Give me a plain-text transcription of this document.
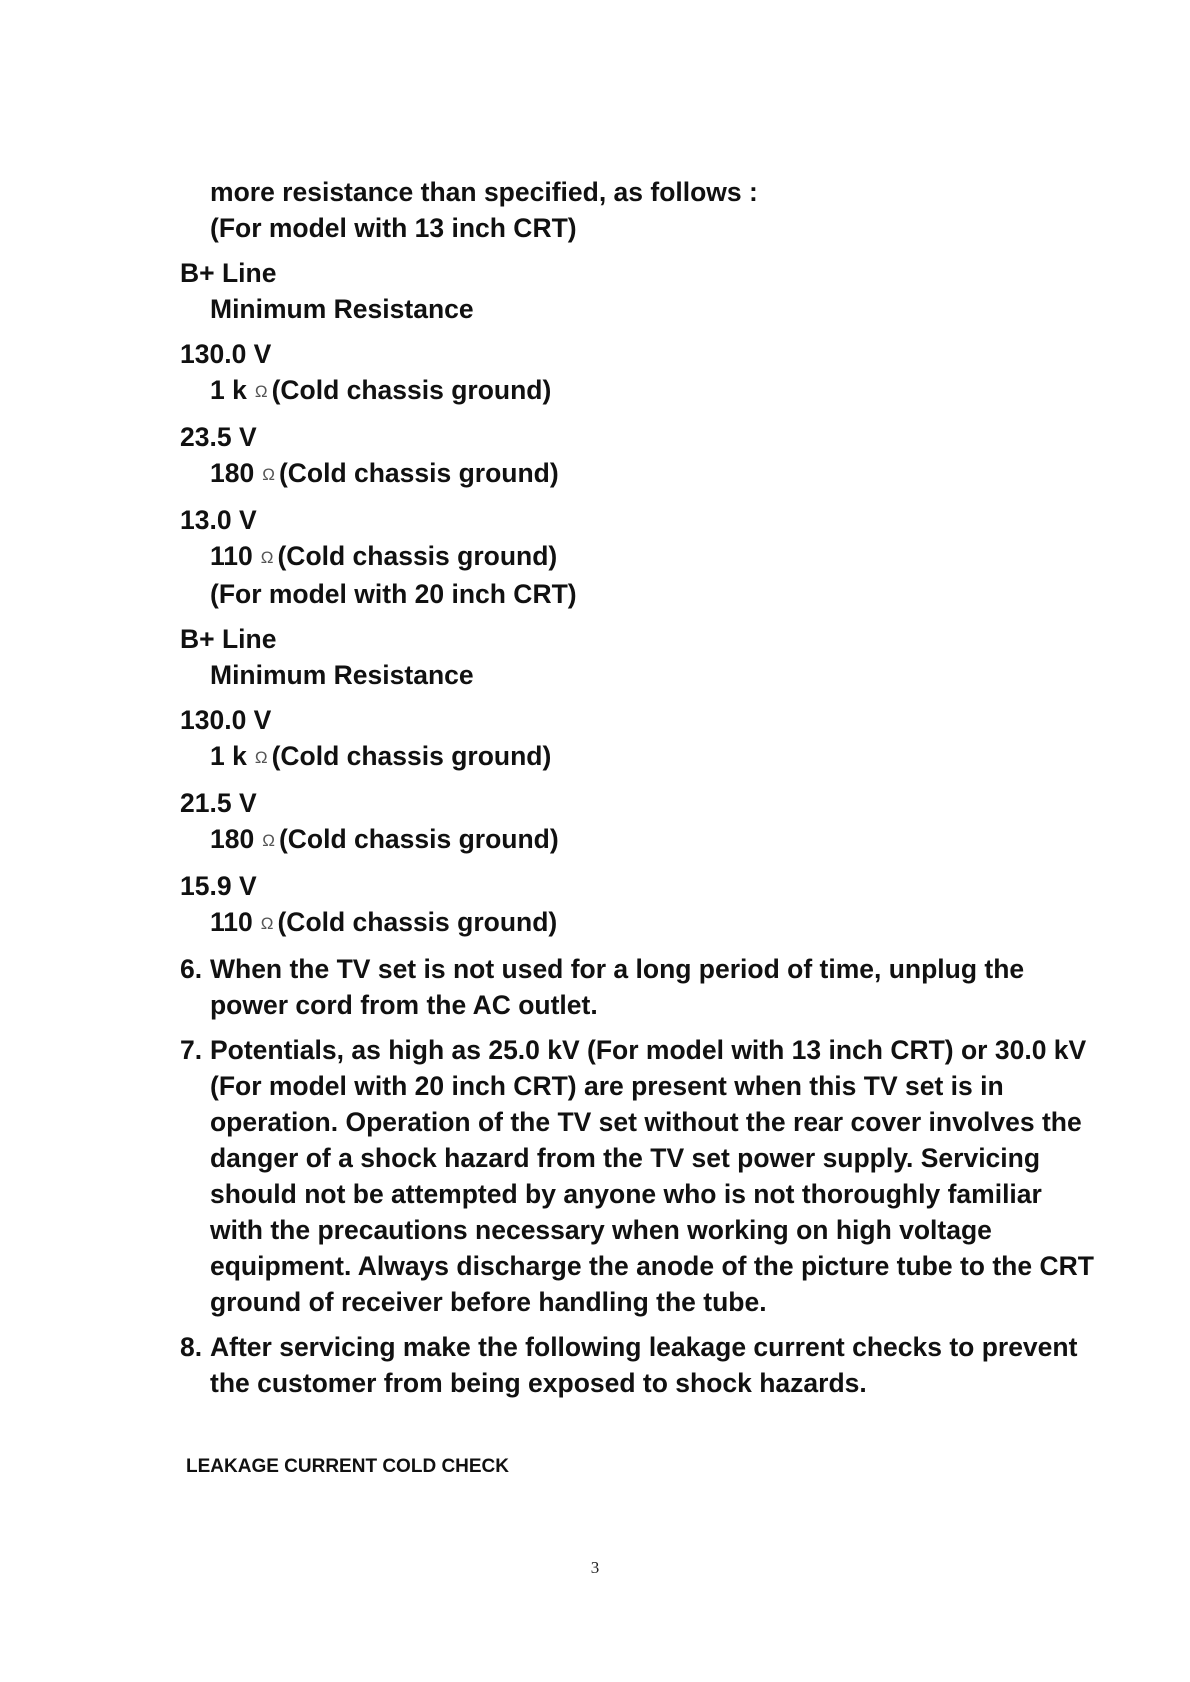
more resistance than specified, as follows :
(For model with 13 inch CRT)
B+ Line
Minimum Resistance
130.0 V
1 k Ω (Cold chassis ground)
23.5 V
180 Ω (Cold chassis ground)
13.0 V
110 Ω (Cold chassis ground)
(For model with 20 inch CRT)
B+ Line
Minimum Resistance
130.0 V
1 k Ω (Cold chassis ground)
21.5 V
180 Ω (Cold chassis ground)
15.9 V
110 Ω (Cold chassis ground)
6. When the TV set is not used for a long period of time, unplug the power cord from the AC outlet.
7. Potentials, as high as 25.0 kV (For model with 13 inch CRT) or 30.0 kV (For model with 20 inch CRT) are present when this TV set is in operation. Operation of the TV set without the rear cover involves the danger of a shock hazard from the TV set power supply. Servicing should not be attempted by anyone who is not thoroughly familiar with the precautions necessary when working on high voltage equipment. Always discharge the anode of the picture tube to the CRT ground of receiver before handling the tube.
8. After servicing make the following leakage current checks to prevent the customer from being exposed to shock hazards.
LEAKAGE CURRENT COLD CHECK
3
